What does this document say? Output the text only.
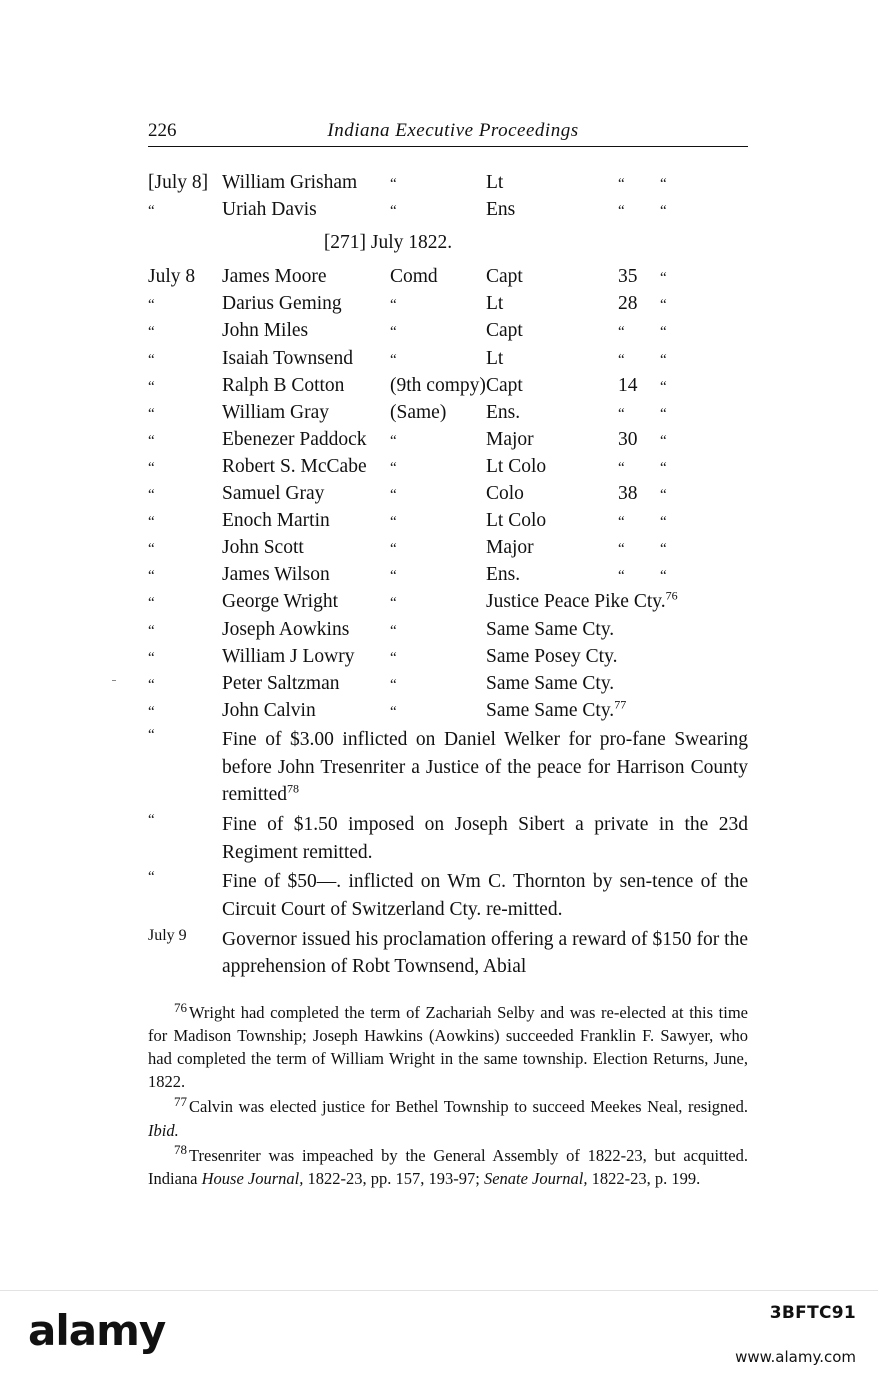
226	Indiana Executive Proceedings
[July 8] William Grisham	“	Lt	“	“
“	Uriah Davis	“	Ens	“	“
[271] July 1822.
July 8	James Moore	Comd	Capt	35	“
“	Darius Geming	“	Lt	28	“
“	John Miles	“	Capt	“	“
“	Isaiah Townsend	“	Lt	“	“
“	Ralph B Cotton	(9th compy) Capt	14	“
“	William Gray	(Same)	Ens.	“	“
“	Ebenezer Paddock	“	Major	30	“
“	Robert S. McCabe	“	Lt Colo	“	“
“	Samuel Gray	“	Colo	38	“
“	Enoch Martin	“	Lt Colo	“	“
“	John Scott	“	Major	“	“
“	James Wilson	“	Ens.	“	“
“	George Wright	“	Justice Peace Pike Cty.$^{76}$
“	Joseph Aowkins	“	Same Same Cty.
“	William J Lowry	“	Same Posey Cty.
“	Peter Saltzman	“	Same Same Cty.
“	John Calvin	“	Same Same Cty.$^{77}$
“	Fine of $3.00 inflicted on Daniel Welker for pro‐fane Swearing before John Tresenriter a Justice of the peace for Harrison County remitted$^{78}$
“	Fine of $1.50 imposed on Joseph Sibert a private in the 23d Regiment remitted.
“	Fine of $50—. inflicted on Wm C. Thornton by sen‐tence of the Circuit Court of Switzerland Cty. re‐mitted.
July 9	Governor issued his proclamation offering a reward of $150 for the apprehension of Robt Townsend, Abial

$^{76}$ Wright had completed the term of Zachariah Selby and was re‐elected at this time for Madison Township; Joseph Hawkins (Aowkins) succeeded Franklin F. Sawyer, who had completed the term of William Wright in the same township. Election Returns, June, 1822.

$^{77}$ Calvin was elected justice for Bethel Township to succeed Meekes Neal, resigned. Ibid.

$^{78}$ Tresenriter was impeached by the General Assembly of 1822‐23, but acquitted. Indiana House Journal, 1822‐23, pp. 157, 193‐97; Senate Journal, 1822‐23, p. 199.

alamy	3BFTC91
www.alamy.com
